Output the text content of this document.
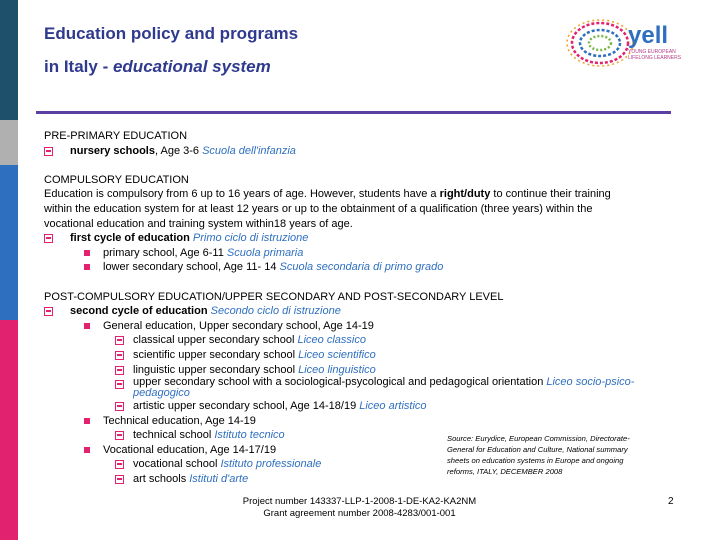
Education policy and programs
in Italy - educational system
yell
YOUNG EUROPEAN LIFELONG LEARNERS
PRE-PRIMARY EDUCATION
nursery schools, Age 3-6 Scuola dell'infanzia
COMPULSORY EDUCATION
Education is compulsory from 6 up to 16 years of age. However, students have a right/duty to continue their training
within the education system for at least 12 years or up to the obtainment of a qualification (three years) within the
vocational education and training system within18 years of age.
first cycle of education Primo ciclo di istruzione
primary school, Age 6-11 Scuola primaria
lower secondary school, Age 11- 14 Scuola secondaria di primo grado
POST-COMPULSORY EDUCATION/UPPER SECONDARY AND POST-SECONDARY LEVEL
second cycle of education Secondo ciclo di istruzione
General education, Upper secondary school, Age 14-19
classical upper secondary school Liceo classico
scientific upper secondary school Liceo scientifico
linguistic upper secondary school Liceo linguistico
upper secondary school with a sociological-psycological and pedagogical orientation Liceo socio-psico-
pedagogico
artistic upper secondary school, Age 14-18/19 Liceo artistico
Technical education, Age 14-19
technical school Istituto tecnico
Vocational education, Age 14-17/19
vocational school Istituto professionale
art schools Istituti d'arte
Source: Eurydice, European Commission, Directorate-
General for Education and Culture, National summary
sheets on education systems in Europe and ongoing
reforms, ITALY, DECEMBER 2008
Project number 143337-LLP-1-2008-1-DE-KA2-KA2NM
Grant agreement number 2008-4283/001-001
2
